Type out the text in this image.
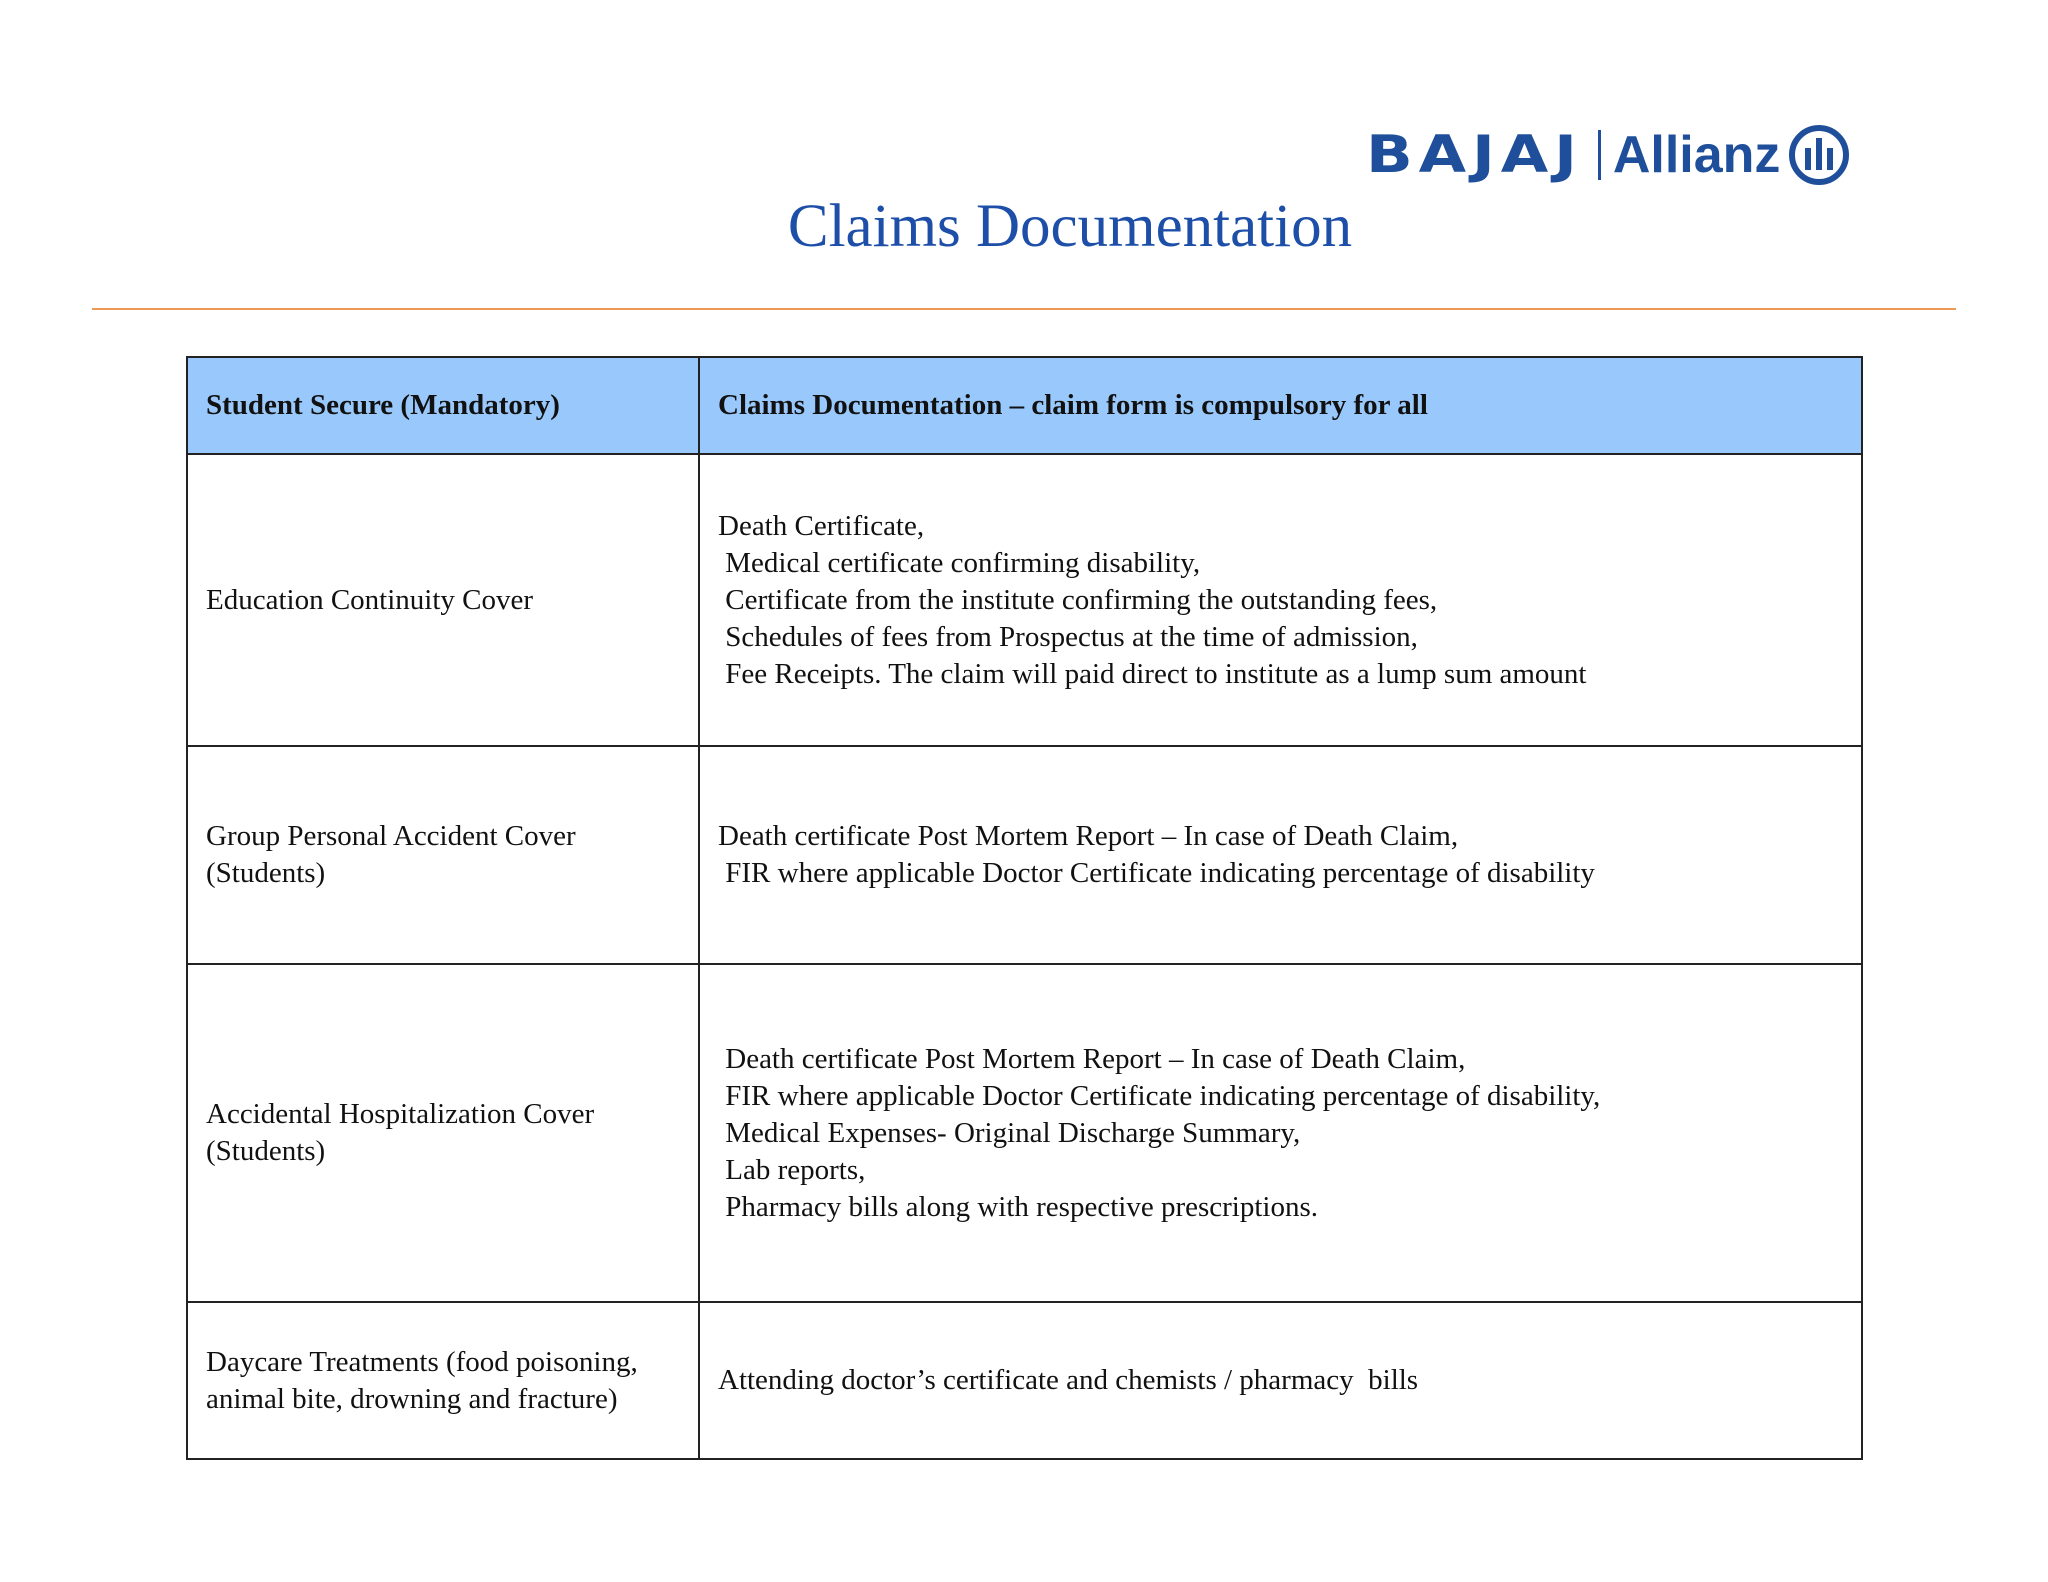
BAJAJ Allianz
Claims Documentation
Student Secure (Mandatory)	Claims Documentation – claim form is compulsory for all

Education Continuity Cover	Death Certificate,
Medical certificate confirming disability,
Certificate from the institute confirming the outstanding fees,
Schedules of fees from Prospectus at the time of admission,
Fee Receipts. The claim will paid direct to institute as a lump sum amount

Group Personal Accident Cover
(Students)	Death certificate Post Mortem Report – In case of Death Claim,
FIR where applicable Doctor Certificate indicating percentage of disability

Accidental Hospitalization Cover
(Students)	Death certificate Post Mortem Report – In case of Death Claim,
FIR where applicable Doctor Certificate indicating percentage of disability,
Medical Expenses- Original Discharge Summary,
Lab reports,
Pharmacy bills along with respective prescriptions.

Daycare Treatments (food poisoning,
animal bite, drowning and fracture)	Attending doctor’s certificate and chemists / pharmacy  bills
